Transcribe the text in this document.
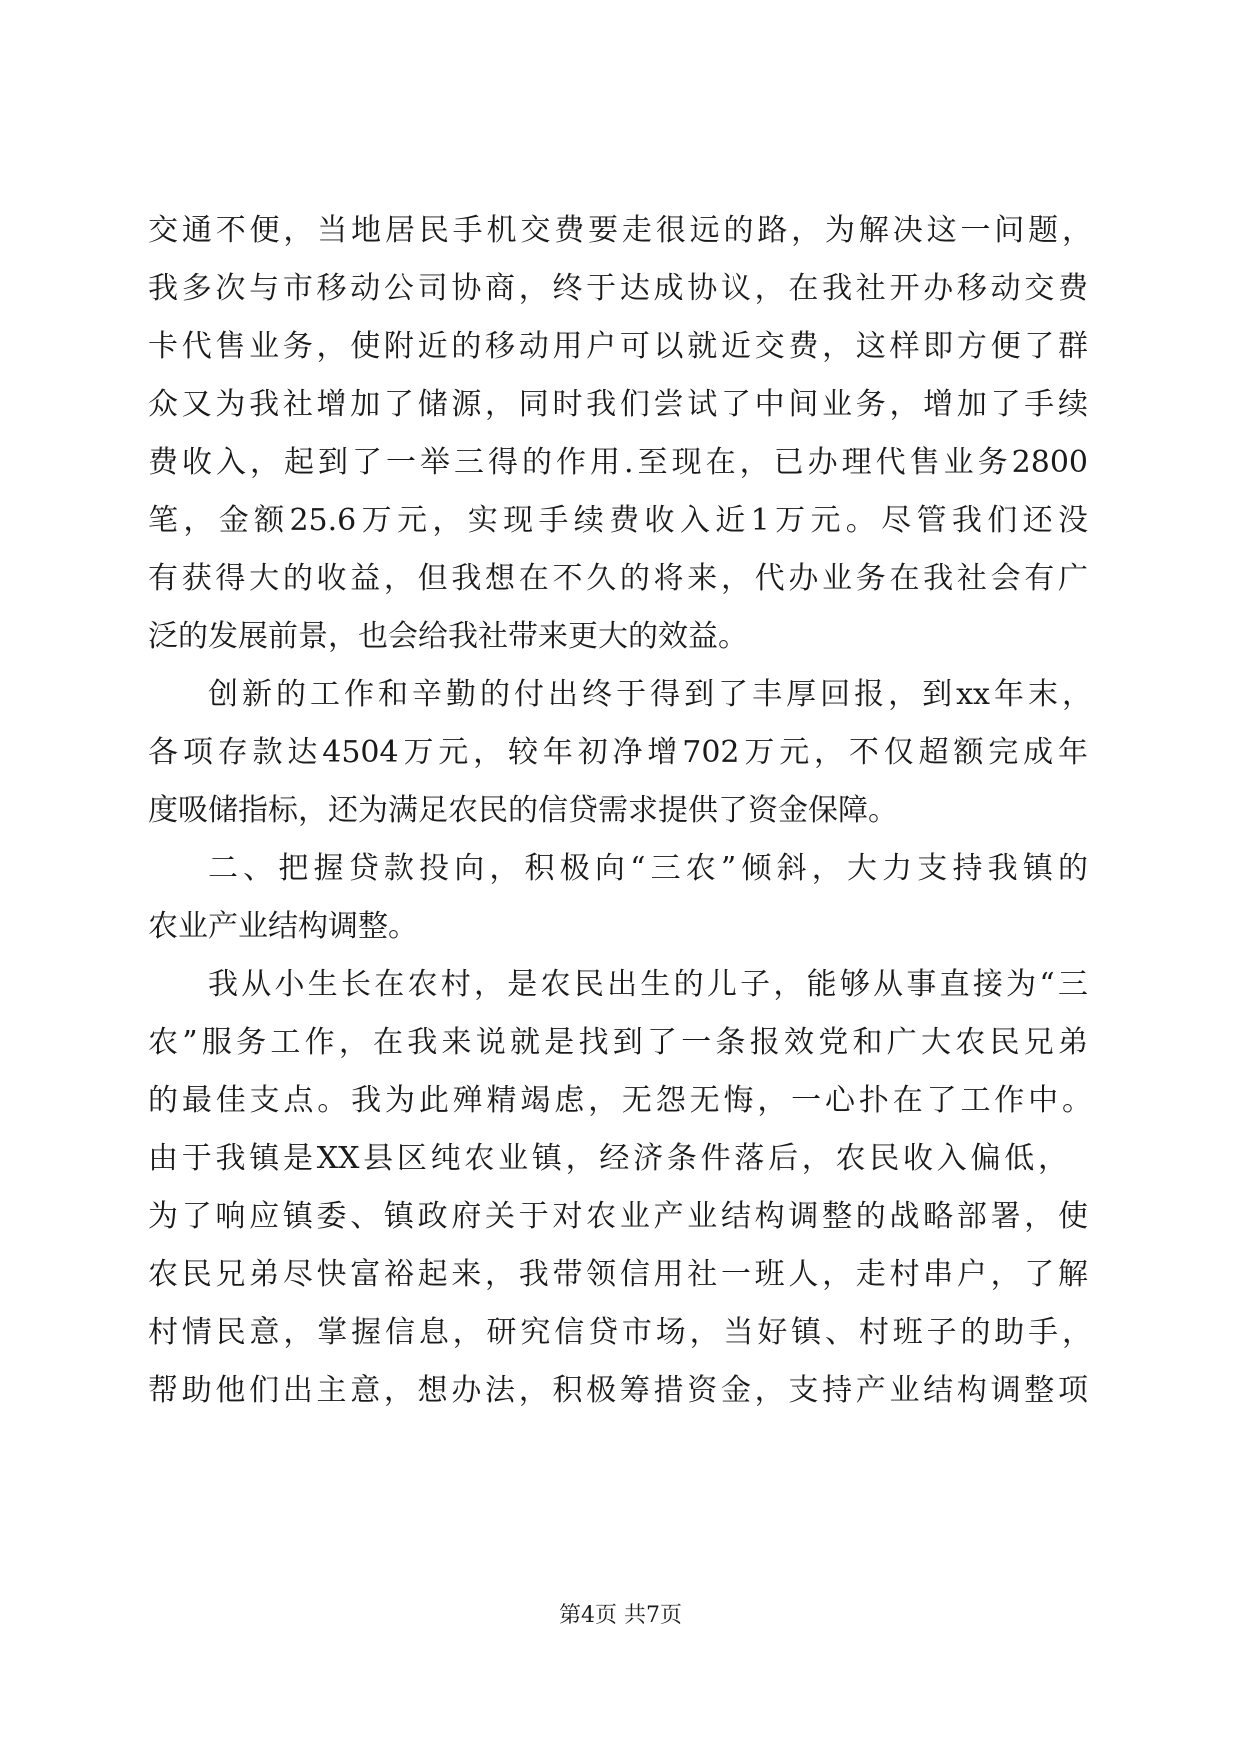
交通不便，当地居民手机交费要走很远的路，为解决这一问题，
我多次与市移动公司协商，终于达成协议，在我社开办移动交费
卡代售业务，使附近的移动用户可以就近交费，这样即方便了群
众又为我社增加了储源，同时我们尝试了中间业务，增加了手续
费收入，起到了一举三得的作用.至现在，已办理代售业务2800
笔，金额25.6万元，实现手续费收入近1万元。尽管我们还没
有获得大的收益，但我想在不久的将来，代办业务在我社会有广
泛的发展前景，也会给我社带来更大的效益。
创新的工作和辛勤的付出终于得到了丰厚回报，到xx年末，
各项存款达4504万元，较年初净增702万元，不仅超额完成年
度吸储指标，还为满足农民的信贷需求提供了资金保障。
二、把握贷款投向，积极向“三农”倾斜，大力支持我镇的
农业产业结构调整。
我从小生长在农村，是农民出生的儿子，能够从事直接为“三
农”服务工作，在我来说就是找到了一条报效党和广大农民兄弟
的最佳支点。我为此殚精竭虑，无怨无悔，一心扑在了工作中。
由于我镇是XX县区纯农业镇，经济条件落后，农民收入偏低，
为了响应镇委、镇政府关于对农业产业结构调整的战略部署，使
农民兄弟尽快富裕起来，我带领信用社一班人，走村串户，了解
村情民意，掌握信息，研究信贷市场，当好镇、村班子的助手，
帮助他们出主意，想办法，积极筹措资金，支持产业结构调整项
第4页 共7页
